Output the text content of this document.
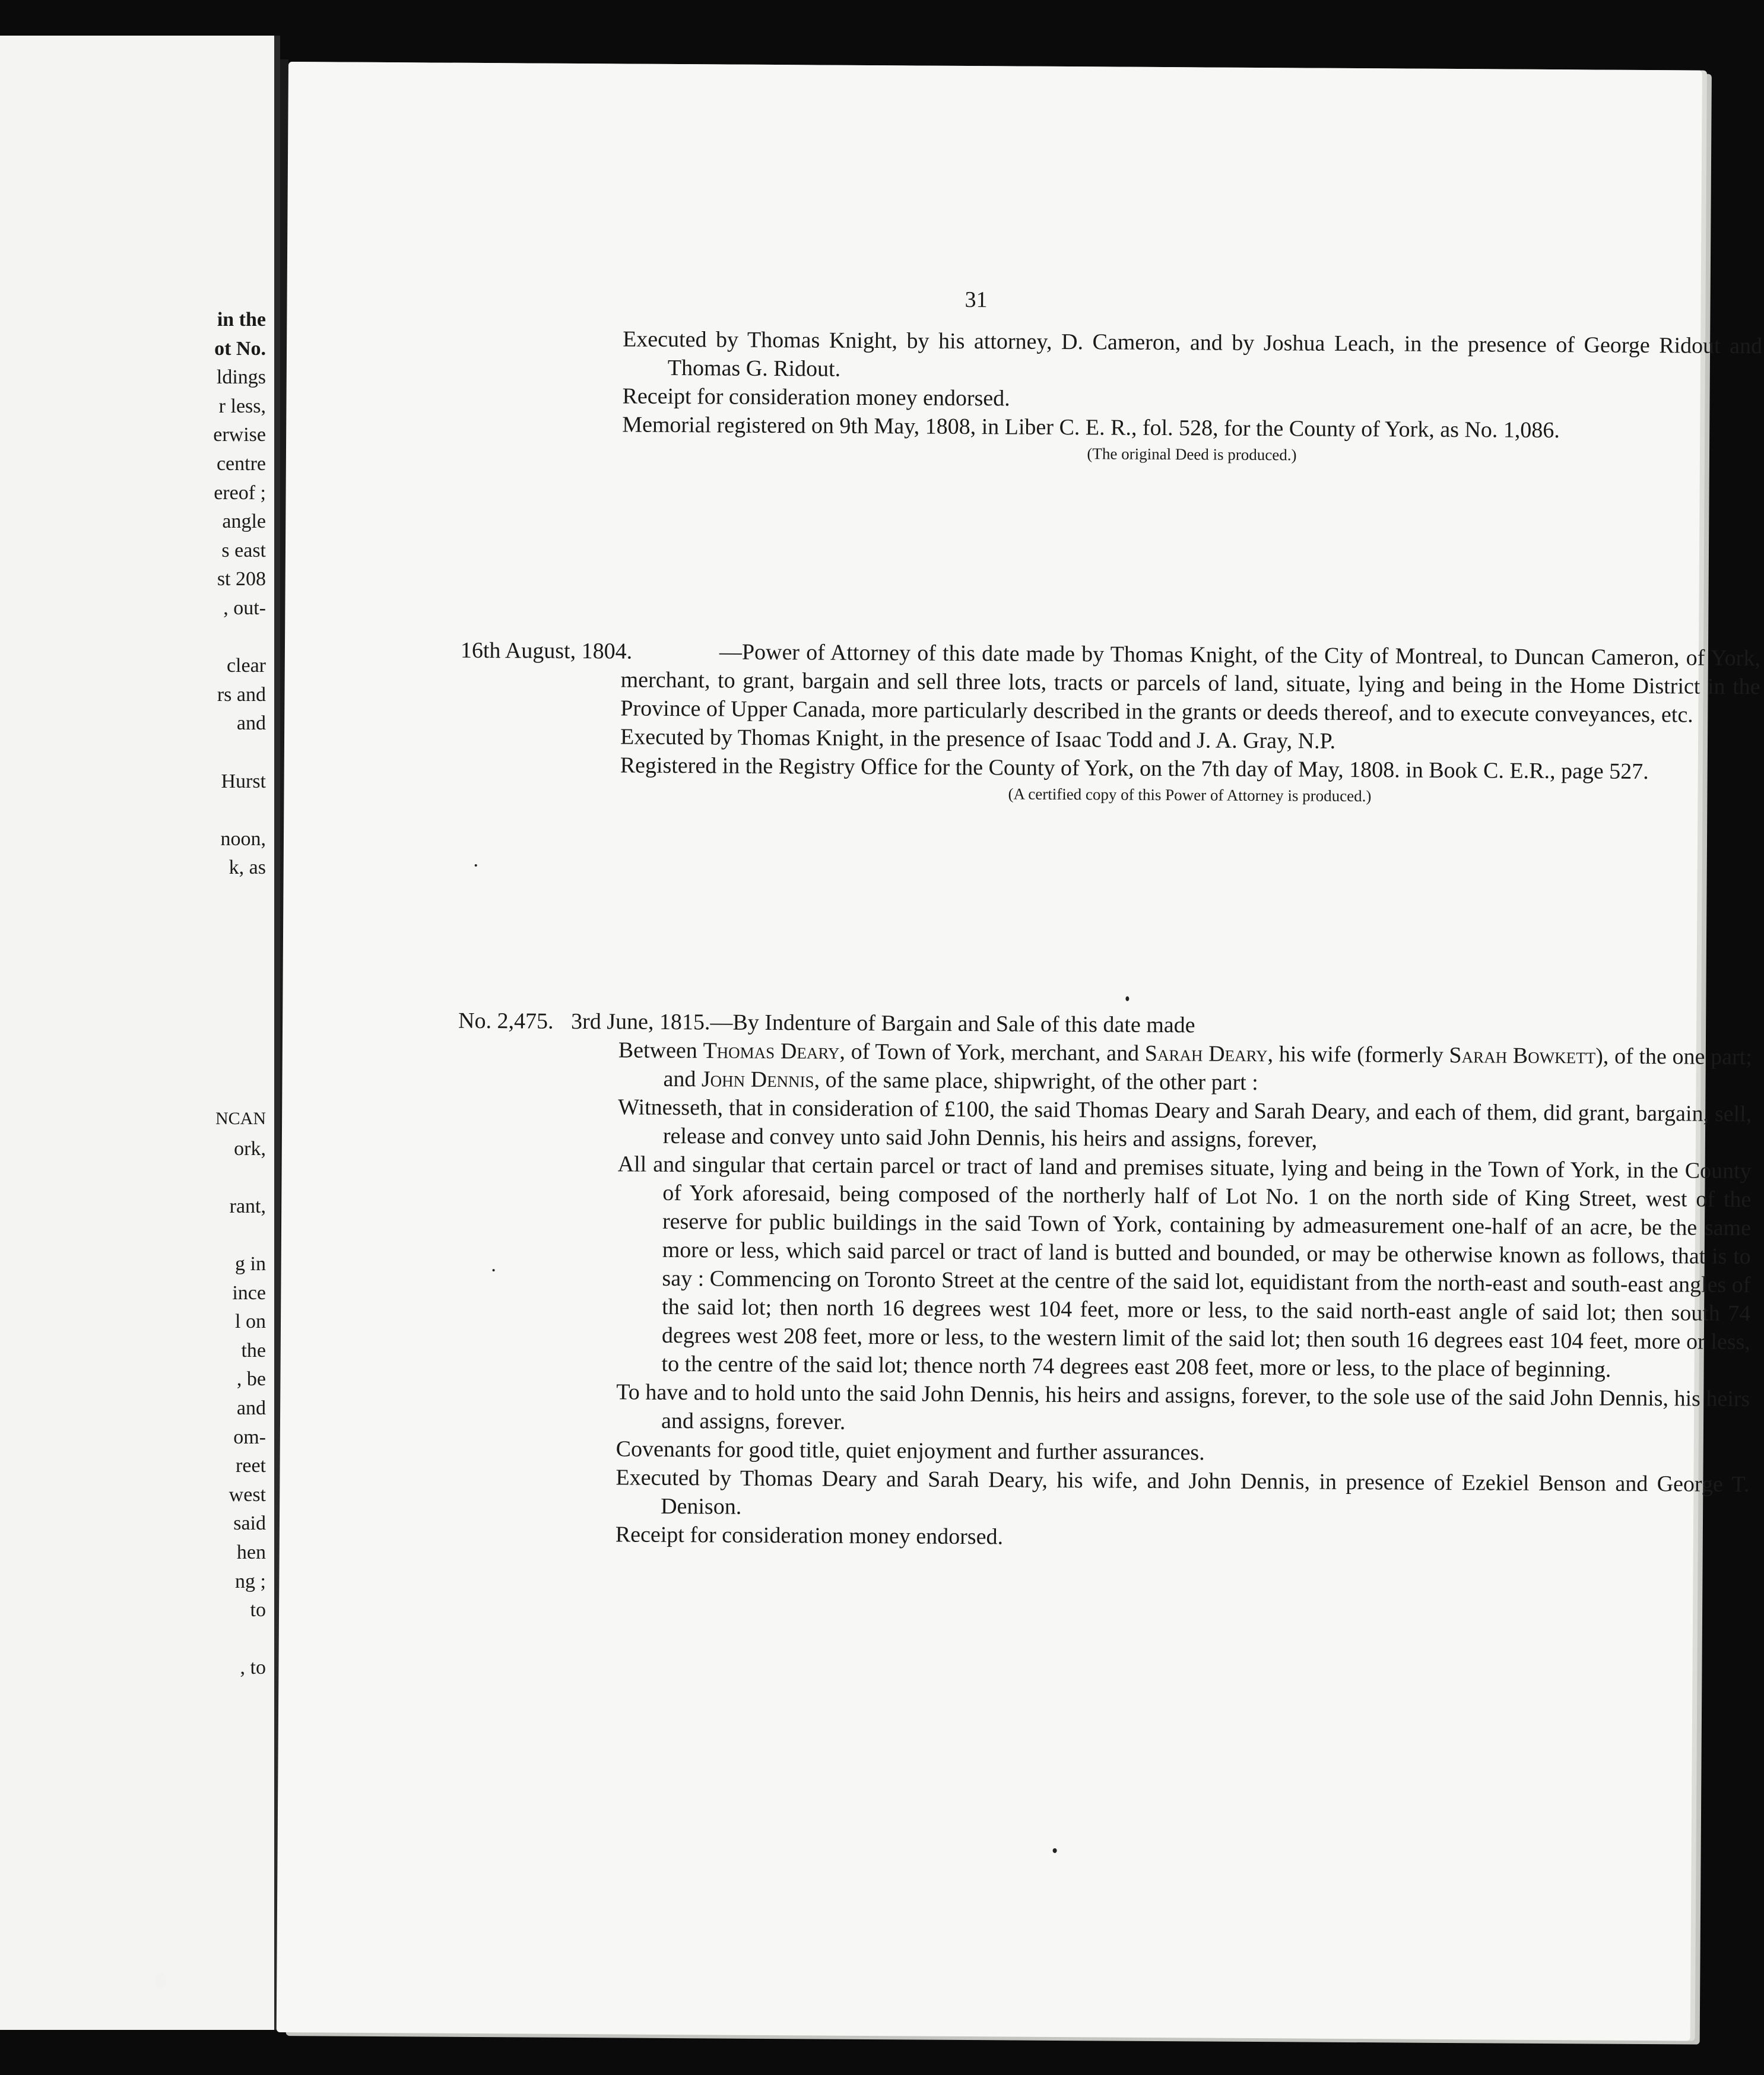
in the
ot No.
ldings
r less,
erwise
centre
ereof ;
angle
s east
st 208
, out-
clear
rs and
and
Hurst
noon,
k, as
NCAN
ork,
rant,
g in
ince
l on
the
, be
and
om-
reet
west
said
hen
ng ;
to
, to
31

Executed by Thomas Knight, by his attorney, D. Cameron, and by Joshua Leach, in the presence of George Ridout and Thomas G. Ridout.

Receipt for consideration money endorsed.

Memorial registered on 9th May, 1808, in Liber C. E. R., fol. 528, for the County of York, as No. 1,086.

(The original Deed is produced.)

16th August, 1804.	—Power of Attorney of this date made by Thomas Knight, of the City of Montreal, to Duncan Cameron, of York, merchant, to grant, bargain and sell three lots, tracts or parcels of land, situate, lying and being in the Home District in the Province of Upper Canada, more particularly described in the grants or deeds thereof, and to execute conveyances, etc.

Executed by Thomas Knight, in the presence of Isaac Todd and J. A. Gray, N.P.

Registered in the Registry Office for the County of York, on the 7th day of May, 1808. in Book C. E.R., page 527.

(A certified copy of this Power of Attorney is produced.)

No. 2,475. 3rd June, 1815.—By Indenture of Bargain and Sale of this date made

Between Thomas Deary, of Town of York, merchant, and Sarah Deary, his wife (formerly Sarah Bowkett), of the one part; and John Dennis, of the same place, shipwright, of the other part :

Witnesseth, that in consideration of £100, the said Thomas Deary and Sarah Deary, and each of them, did grant, bargain, sell, release and convey unto said John Dennis, his heirs and assigns, forever,

All and singular that certain parcel or tract of land and premises situate, lying and being in the Town of York, in the County of York aforesaid, being composed of the northerly half of Lot No. 1 on the north side of King Street, west of the reserve for public buildings in the said Town of York, containing by admeasurement one-half of an acre, be the same more or less, which said parcel or tract of land is butted and bounded, or may be otherwise known as follows, that is to say : Commencing on Toronto Street at the centre of the said lot, equidistant from the north-east and south-east angles of the said lot; then north 16 degrees west 104 feet, more or less, to the said north-east angle of said lot; then south 74 degrees west 208 feet, more or less, to the western limit of the said lot; then south 16 degrees east 104 feet, more or less, to the centre of the said lot; thence north 74 degrees east 208 feet, more or less, to the place of beginning.

To have and to hold unto the said John Dennis, his heirs and assigns, forever, to the sole use of the said John Dennis, his heirs and assigns, forever.

Covenants for good title, quiet enjoyment and further assurances.

Executed by Thomas Deary and Sarah Deary, his wife, and John Dennis, in presence of Ezekiel Benson and George T. Denison.

Receipt for consideration money endorsed.
